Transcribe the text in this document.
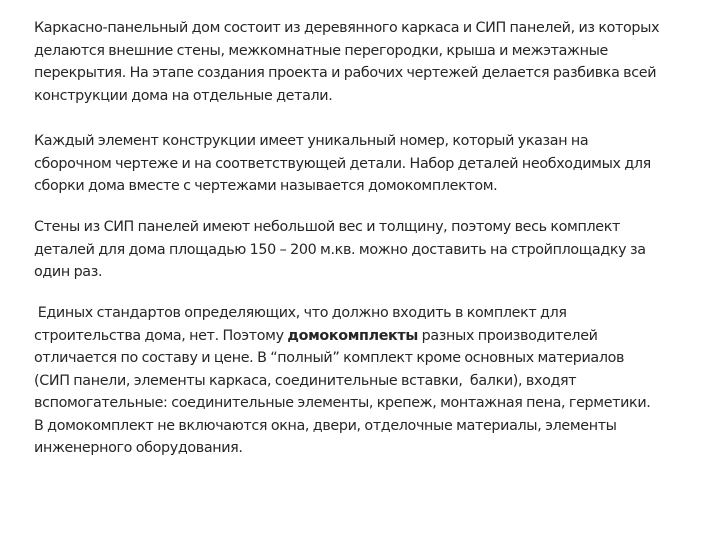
Каркасно-панельный дом состоит из деревянного каркаса и СИП панелей, из которых
делаются внешние стены, межкомнатные перегородки, крыша и межэтажные
перекрытия. На этапе создания проекта и рабочих чертежей делается разбивка всей
конструкции дома на отдельные детали.

Каждый элемент конструкции имеет уникальный номер, который указан на
сборочном чертеже и на соответствующей детали. Набор деталей необходимых для
сборки дома вместе с чертежами называется домокомплектом.

Стены из СИП панелей имеют небольшой вес и толщину, поэтому весь комплект
деталей для дома площадью 150 – 200 м.кв. можно доставить на стройплощадку за
один раз.

Единых стандартов определяющих, что должно входить в комплект для
строительства дома, нет. Поэтому домокомплекты разных производителей
отличается по составу и цене. В “полный” комплект кроме основных материалов
(СИП панели, элементы каркаса, соединительные вставки,  балки), входят
вспомогательные: соединительные элементы, крепеж, монтажная пена, герметики.
В домокомплект не включаются окна, двери, отделочные материалы, элементы
инженерного оборудования.
